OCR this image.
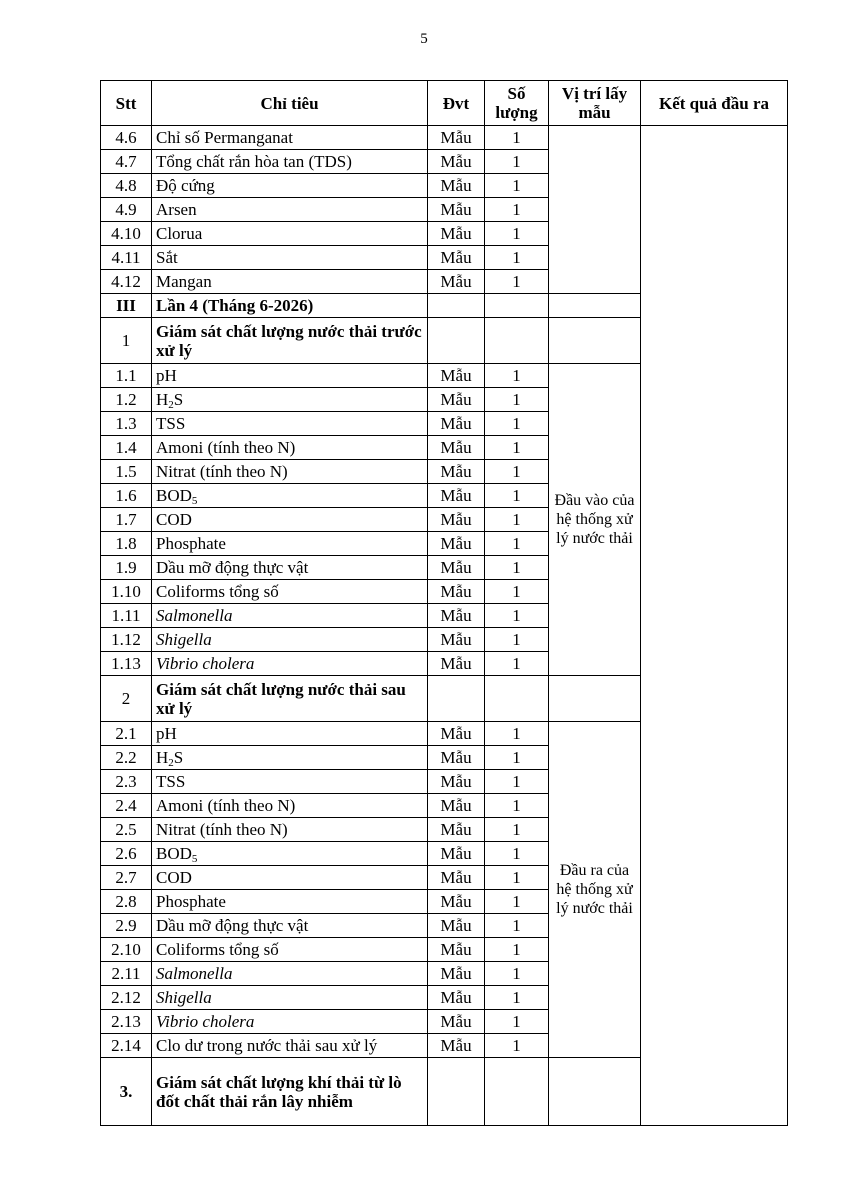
5
Stt	Chỉ tiêu	Đvt	Số lượng	Vị trí lấy mẫu	Kết quả đầu ra	
4.6	Chỉ số Permanganat	Mẫu	1			
4.7	Tổng chất rắn hòa tan (TDS)	Mẫu	1			
4.8	Độ cứng	Mẫu	1			
4.9	Arsen	Mẫu	1			
4.10	Clorua	Mẫu	1			
4.11	Sắt	Mẫu	1			
4.12	Mangan	Mẫu	1			
III	Lần 4 (Tháng 6-2026)					
1	Giám sát chất lượng nước thải trước xử lý					
1.1	pH	Mẫu	1	Đầu vào của hệ thống xử lý nước thải		
1.2	$H_2S$	Mẫu	1			
1.3	TSS	Mẫu	1			
1.4	Amoni (tính theo N)	Mẫu	1			
1.5	Nitrat (tính theo N)	Mẫu	1			
1.6	$BOD_5$	Mẫu	1			
1.7	COD	Mẫu	1			
1.8	Phosphate	Mẫu	1			
1.9	Dầu mỡ động thực vật	Mẫu	1			
1.10	Coliforms tổng số	Mẫu	1			
1.11	Salmonella	Mẫu	1			
1.12	Shigella	Mẫu	1			
1.13	Vibrio cholera	Mẫu	1			
2	Giám sát chất lượng nước thải sau xử lý					
2.1	pH	Mẫu	1	Đầu ra của hệ thống xử lý nước thải		
2.2	$H_2S$	Mẫu	1			
2.3	TSS	Mẫu	1			
2.4	Amoni (tính theo N)	Mẫu	1			
2.5	Nitrat (tính theo N)	Mẫu	1			
2.6	$BOD_5$	Mẫu	1			
2.7	COD	Mẫu	1			
2.8	Phosphate	Mẫu	1			
2.9	Dầu mỡ động thực vật	Mẫu	1			
2.10	Coliforms tổng số	Mẫu	1			
2.11	Salmonella	Mẫu	1			
2.12	Shigella	Mẫu	1			
2.13	Vibrio cholera	Mẫu	1			
2.14	Clo dư trong nước thải sau xử lý	Mẫu	1			
3.	Giám sát chất lượng khí thải từ lò đốt chất thải rắn lây nhiễm					
